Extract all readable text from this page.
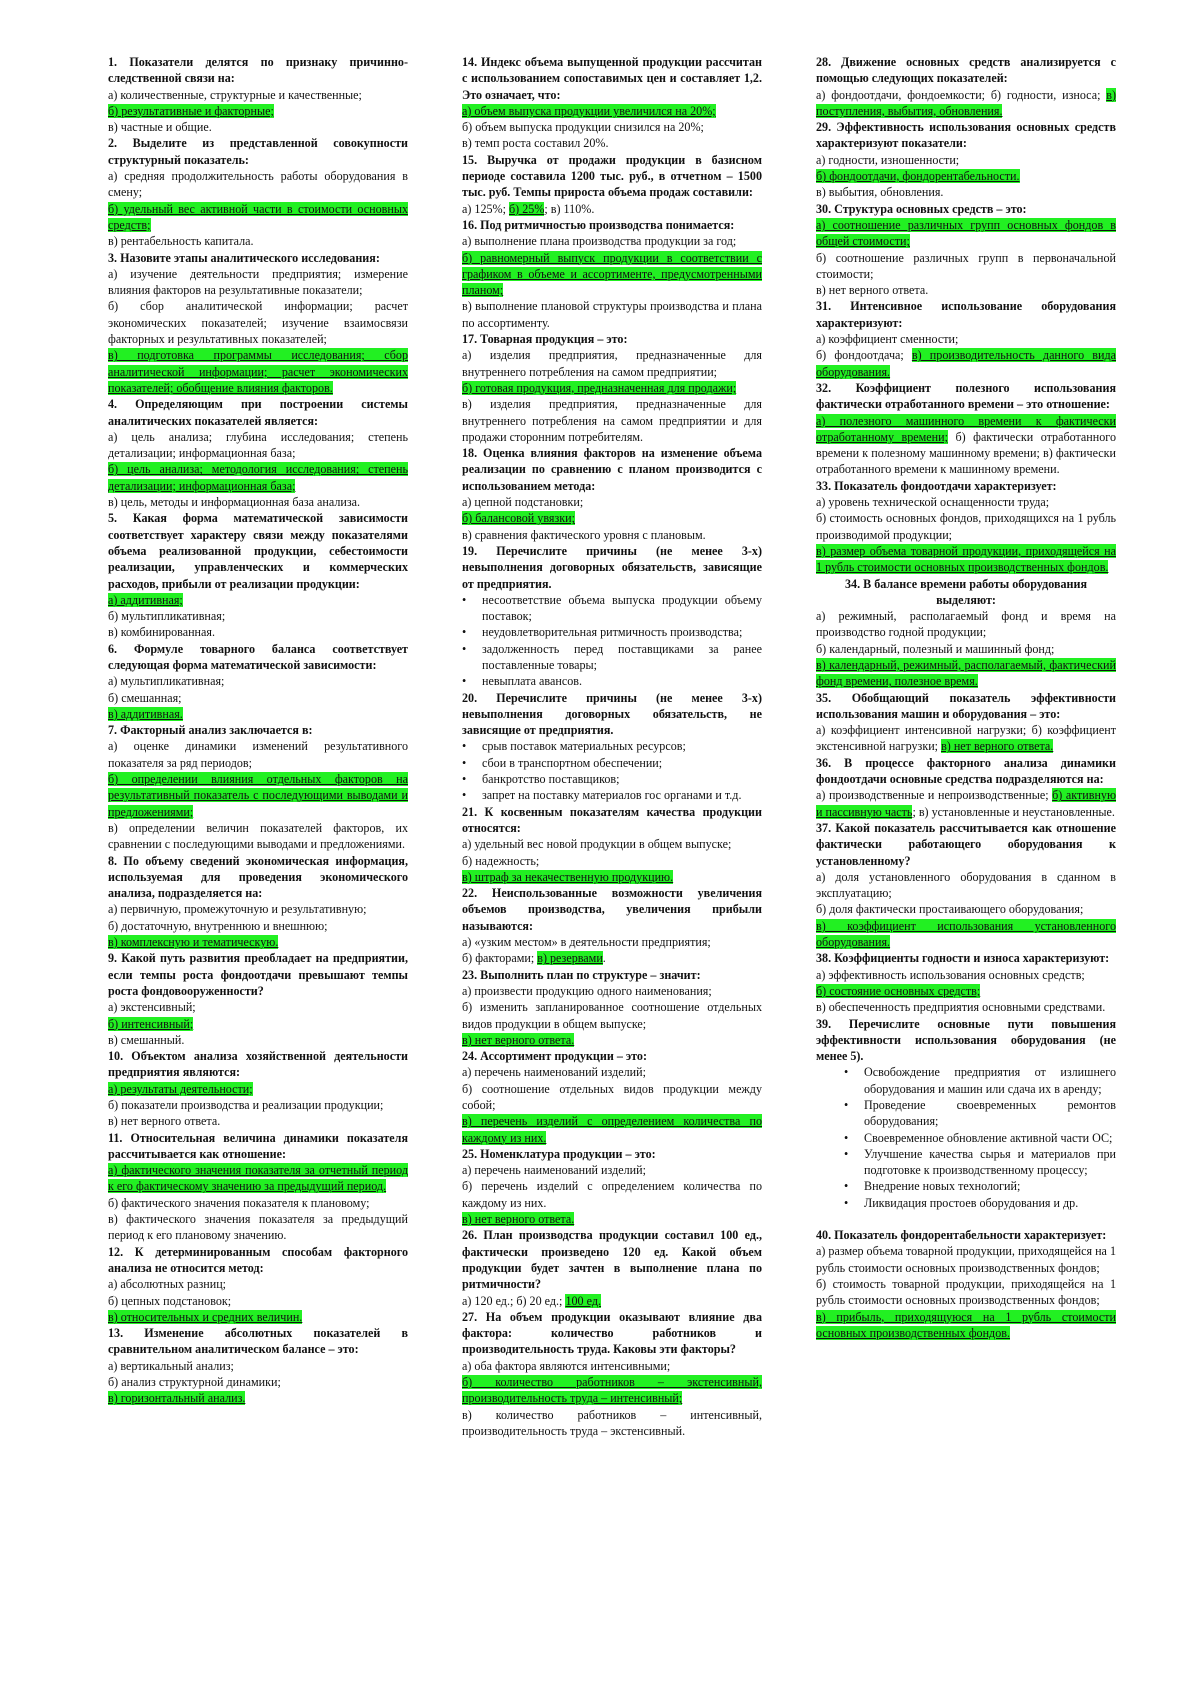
1. Показатели делятся по признаку причинно-следственной связи на:

а) количественные, структурные и качественные;

б) результативные и факторные;

в) частные и общие.

2. Выделите из представленной совокупности структурный показатель:

а) средняя продолжительность работы оборудования в смену;

б) удельный вес активной части в стоимости основных средств;

в) рентабельность капитала.

3. Назовите этапы аналитического исследования:

а) изучение деятельности предприятия; измерение влияния факторов на результативные показатели;

б) сбор аналитической информации; расчет экономических показателей; изучение взаимосвязи факторных и результативных показателей;

в) подготовка программы исследования; сбор аналитической информации; расчет экономических показателей; обобщение влияния факторов.

4. Определяющим при построении системы аналитических показателей является:

а) цель анализа; глубина исследования; степень детализации; информационная база;

б) цель анализа; методология исследования; степень детализации; информационная база;

в) цель, методы и информационная база анализа.

5. Какая форма математической зависимости соответствует характеру связи между показателями объема реализованной продукции, себестоимости реализации, управленческих и коммерческих расходов, прибыли от реализации продукции:

а) аддитивная;

б) мультипликативная;

в) комбинированная.

6. Формуле товарного баланса соответствует следующая форма математической зависимости:

а) мультипликативная;

б) смешанная;

в) аддитивная.

7. Факторный анализ заключается в:

а) оценке динамики изменений результативного показателя за ряд периодов;

б) определении влияния отдельных факторов на результативный показатель с последующими выводами и предложениями;

в) определении величин показателей факторов, их сравнении с последующими выводами и предложениями.

8. По объему сведений экономическая информация, используемая для проведения экономического анализа, подразделяется на:

а) первичную, промежуточную и результативную;

б) достаточную, внутреннюю и внешнюю;

в) комплексную и тематическую.

9. Какой путь развития преобладает на предприятии, если темпы роста фондоотдачи превышают темпы роста фондовооруженности?

а) экстенсивный;

б) интенсивный;

в) смешанный.

10. Объектом анализа хозяйственной деятельности предприятия являются:

а) результаты деятельности;

б) показатели производства и реализации продукции;

в) нет верного ответа.

11. Относительная величина динамики показателя рассчитывается как отношение:

а) фактического значения показателя за отчетный период к его фактическому значению за предыдущий период.

б) фактического значения показателя к плановому;

в) фактического значения показателя за предыдущий период к его плановому значению.

12. К детерминированным способам факторного анализа не относится метод:

а) абсолютных разниц;

б) цепных подстановок;

в) относительных и средних величин.

13. Изменение абсолютных показателей в сравнительном аналитическом балансе – это:

а) вертикальный анализ;

б) анализ структурной динамики;

в) горизонтальный анализ.

14. Индекс объема выпущенной продукции рассчитан с использованием сопоставимых цен и составляет 1,2. Это означает, что:

а) объем выпуска продукции увеличился на 20%;

б) объем выпуска продукции снизился на 20%;

в) темп роста составил 20%.

15. Выручка от продажи продукции в базисном периоде составила 1200 тыс. руб., в отчетном – 1500 тыс. руб. Темпы прироста объема продаж составили:

а) 125%; б) 25%; в) 110%.

16. Под ритмичностью производства понимается:

а) выполнение плана производства продукции за год;

б) равномерный выпуск продукции в соответствии с графиком в объеме и ассортименте, предусмотренными планом;

в) выполнение плановой структуры производства и плана по ассортименту.

17. Товарная продукция – это:

а) изделия предприятия, предназначенные для внутреннего потребления на самом предприятии;

б) готовая продукция, предназначенная для продажи;

в) изделия предприятия, предназначенные для внутреннего потребления на самом предприятии и для продажи сторонним потребителям.

18. Оценка влияния факторов на изменение объема реализации по сравнению с планом производится с использованием метода:

а) цепной подстановки;

б) балансовой увязки;

в) сравнения фактического уровня с плановым.

19. Перечислите причины (не менее 3-х) невыполнения договорных обязательств, зависящие от предприятия.

•	несоответствие объема выпуска продукции объему поставок;
•	неудовлетворительная ритмичность производства;
•	задолженность перед поставщиками за ранее поставленные товары;
•	невыплата авансов.

20. Перечислите причины (не менее 3-х) невыполнения договорных обязательств, не зависящие от предприятия.

•	срыв поставок материальных ресурсов;
•	сбои в транспортном обеспечении;
•	банкротство поставщиков;
•	запрет на поставку материалов гос органами и т.д.

21. К косвенным показателям качества продукции относятся:

а) удельный вес новой продукции в общем выпуске;

б) надежность;

в) штраф за некачественную продукцию.

22. Неиспользованные возможности увеличения объемов производства, увеличения прибыли называются:

а) «узким местом» в деятельности предприятия;

б) факторами; в) резервами.

23. Выполнить план по структуре – значит:

а) произвести продукцию одного наименования;

б) изменить запланированное соотношение отдельных видов продукции в общем выпуске;

в) нет верного ответа.

24. Ассортимент продукции – это:

а) перечень наименований изделий;

б) соотношение отдельных видов продукции между собой;

в) перечень изделий с определением количества по каждому из них.

25. Номенклатура продукции – это:

а) перечень наименований изделий;

б) перечень изделий с определением количества по каждому из них.

в) нет верного ответа.

26. План производства продукции составил 100 ед., фактически произведено 120 ед. Какой объем продукции будет зачтен в выполнение плана по ритмичности?

а) 120 ед.; б) 20 ед.; 100 ед.

27. На объем продукции оказывают влияние два фактора: количество работников и производительность труда. Каковы эти факторы?

а) оба фактора являются интенсивными;

б) количество работников – экстенсивный, производительность труда – интенсивный;

в) количество работников – интенсивный, производительность труда – экстенсивный.

28. Движение основных средств анализируется с помощью следующих показателей:

а) фондоотдачи, фондоемкости; б) годности, износа; в) поступления, выбытия, обновления.

29. Эффективность использования основных средств характеризуют показатели:

а) годности, изношенности;

б) фондоотдачи, фондорентабельности.

в) выбытия, обновления.

30. Структура основных средств – это:

а) соотношение различных групп основных фондов в общей стоимости;

б) соотношение различных групп в первоначальной стоимости;

в) нет верного ответа.

31. Интенсивное использование оборудования характеризуют:

а) коэффициент сменности;

б) фондоотдача; в) производительность данного вида оборудования.

32. Коэффициент полезного использования фактически отработанного времени – это отношение:

а) полезного машинного времени к фактически отработанному времени; б) фактически отработанного времени к полезному машинному времени; в) фактически отработанного времени к машинному времени.

33. Показатель фондоотдачи характеризует:

а) уровень технической оснащенности труда;

б) стоимость основных фондов, приходящихся на 1 рубль производимой продукции;

в) размер объема товарной продукции, приходящейся на 1 рубль стоимости основных производственных фондов.

34. В балансе времени работы оборудования выделяют:

а) режимный, располагаемый фонд и время на производство годной продукции;

б) календарный, полезный и машинный фонд;

в) календарный, режимный, располагаемый, фактический фонд времени, полезное время.

35. Обобщающий показатель эффективности использования машин и оборудования – это:

а) коэффициент интенсивной нагрузки; б) коэффициент экстенсивной нагрузки; в) нет верного ответа.

36. В процессе факторного анализа динамики фондоотдачи основные средства подразделяются на:

а) производственные и непроизводственные; б) активную и пассивную часть; в) установленные и неустановленные.

37. Какой показатель рассчитывается как отношение фактически работающего оборудования к установленному?

а) доля установленного оборудования в сданном в эксплуатацию;

б) доля фактически простаивающего оборудования;

в) коэффициент использования установленного оборудования.

38. Коэффициенты годности и износа характеризуют:

а) эффективность использования основных средств;

б) состояние основных средств;

в) обеспеченность предприятия основными средствами.

39. Перечислите основные пути повышения эффективности использования оборудования (не менее 5).

•	Освобождение предприятия от излишнего оборудования и машин или сдача их в аренду;
•	Проведение своевременных ремонтов оборудования;
•	Своевременное обновление активной части ОС;
•	Улучшение качества сырья и материалов при подготовке к производственному процессу;
•	Внедрение новых технологий;
•	Ликвидация простоев оборудования и др.

40. Показатель фондорентабельности характеризует:

а) размер объема товарной продукции, приходящейся на 1 рубль стоимости основных производственных фондов;

б) стоимость товарной продукции, приходящейся на 1 рубль стоимости основных производственных фондов;

в) прибыль, приходящуюся на 1 рубль стоимости основных производственных фондов.
